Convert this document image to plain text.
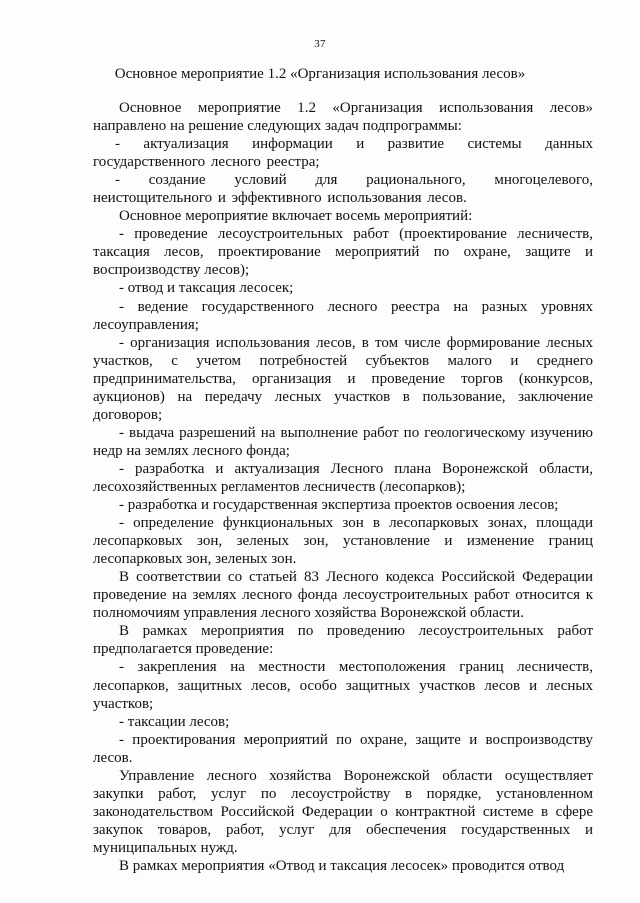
37
Основное мероприятие 1.2 «Организация использования лесов»

Основное мероприятие 1.2 «Организация использования лесов» направлено на решение следующих задач подпрограммы:

- актуализация информации и развитие системы данных государственного лесного реестра;

- создание условий для рационального, многоцелевого, неистощительного и эффективного использования лесов.

Основное мероприятие включает восемь мероприятий:

- проведение лесоустроительных работ (проектирование лесничеств, таксация лесов, проектирование мероприятий по охране, защите и воспроизводству лесов);

- отвод и таксация лесосек;

- ведение государственного лесного реестра на разных уровнях лесоуправления;

- организация использования лесов, в том числе формирование лесных участков, с учетом потребностей субъектов малого и среднего предпринимательства, организация и проведение торгов (конкурсов, аукционов) на передачу лесных участков в пользование, заключение договоров;

- выдача разрешений на выполнение работ по геологическому изучению недр на землях лесного фонда;

- разработка и актуализация Лесного плана Воронежской области, лесохозяйственных регламентов лесничеств (лесопарков);

- разработка и государственная экспертиза проектов освоения лесов;

- определение функциональных зон в лесопарковых зонах, площади лесопарковых зон, зеленых зон, установление и изменение границ лесопарковых зон, зеленых зон.

В соответствии со статьей 83 Лесного кодекса Российской Федерации проведение на землях лесного фонда лесоустроительных работ относится к полномочиям управления лесного хозяйства Воронежской области.

В рамках мероприятия по проведению лесоустроительных работ предполагается проведение:

- закрепления на местности местоположения границ лесничеств, лесопарков, защитных лесов, особо защитных участков лесов и лесных участков;

- таксации лесов;

- проектирования мероприятий по охране, защите и воспроизводству лесов.

Управление лесного хозяйства Воронежской области осуществляет закупки работ, услуг по лесоустройству в порядке, установленном законодательством Российской Федерации о контрактной системе в сфере закупок товаров, работ, услуг для обеспечения государственных и муниципальных нужд.

В рамках мероприятия «Отвод и таксация лесосек» проводится отвод
